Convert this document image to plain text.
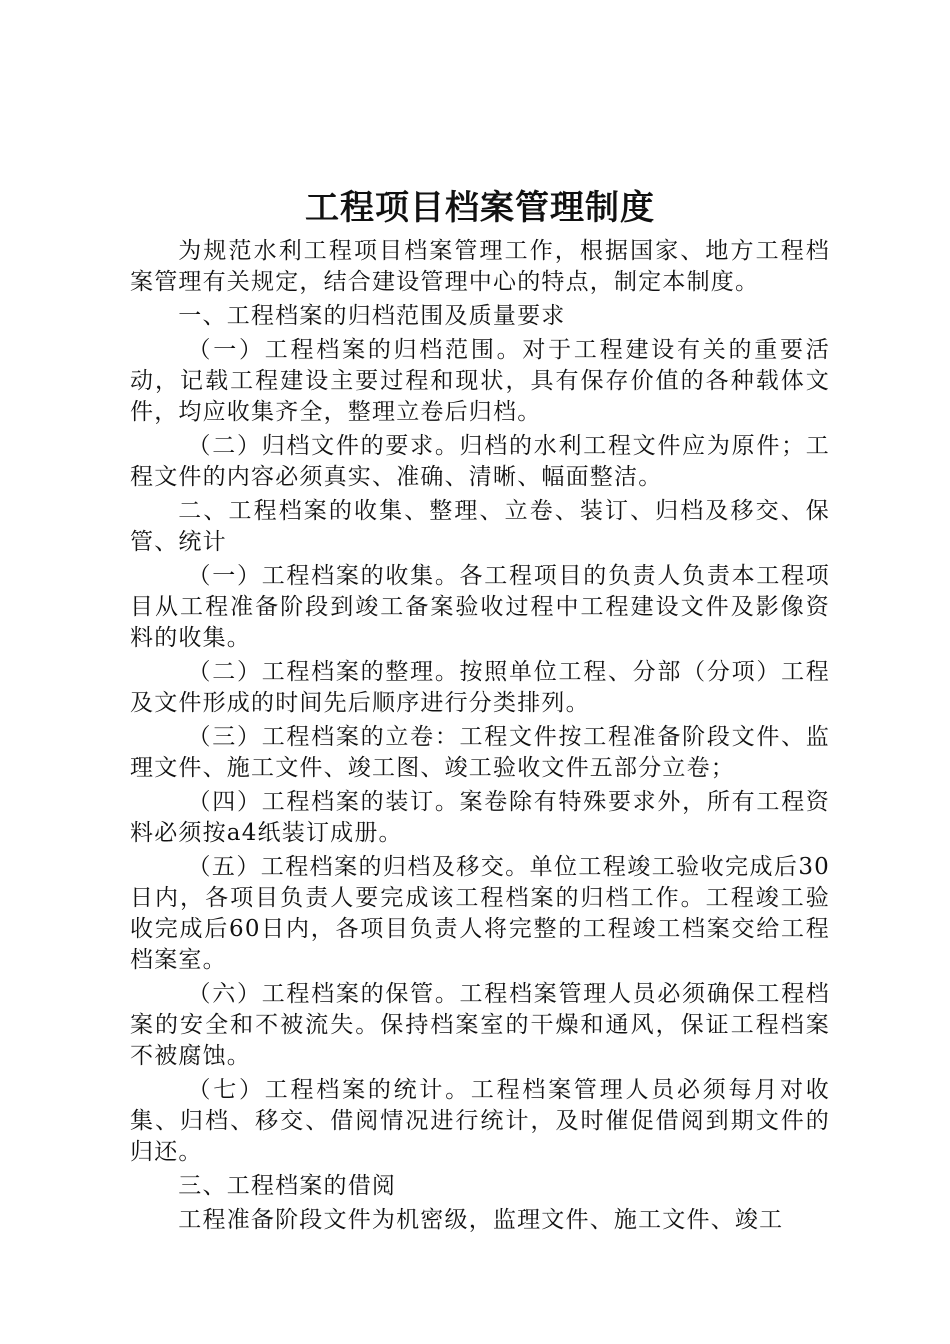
工程项目档案管理制度

为规范水利工程项目档案管理工作，根据国家、地方工程档案管理有关规定，结合建设管理中心的特点，制定本制度。

一、工程档案的归档范围及质量要求

（一）工程档案的归档范围。对于工程建设有关的重要活动，记载工程建设主要过程和现状，具有保存价值的各种载体文件，均应收集齐全，整理立卷后归档。

（二）归档文件的要求。归档的水利工程文件应为原件；工程文件的内容必须真实、准确、清晰、幅面整洁。

二、工程档案的收集、整理、立卷、装订、归档及移交、保管、统计

（一）工程档案的收集。各工程项目的负责人负责本工程项目从工程准备阶段到竣工备案验收过程中工程建设文件及影像资料的收集。

（二）工程档案的整理。按照单位工程、分部（分项）工程及文件形成的时间先后顺序进行分类排列。

（三）工程档案的立卷：工程文件按工程准备阶段文件、监理文件、施工文件、竣工图、竣工验收文件五部分立卷；

（四）工程档案的装订。案卷除有特殊要求外，所有工程资料必须按a4纸装订成册。

（五）工程档案的归档及移交。单位工程竣工验收完成后30日内，各项目负责人要完成该工程档案的归档工作。工程竣工验收完成后60日内，各项目负责人将完整的工程竣工档案交给工程档案室。

（六）工程档案的保管。工程档案管理人员必须确保工程档案的安全和不被流失。保持档案室的干燥和通风，保证工程档案不被腐蚀。

（七）工程档案的统计。工程档案管理人员必须每月对收集、归档、移交、借阅情况进行统计，及时催促借阅到期文件的归还。

三、工程档案的借阅

工程准备阶段文件为机密级，监理文件、施工文件、竣工
